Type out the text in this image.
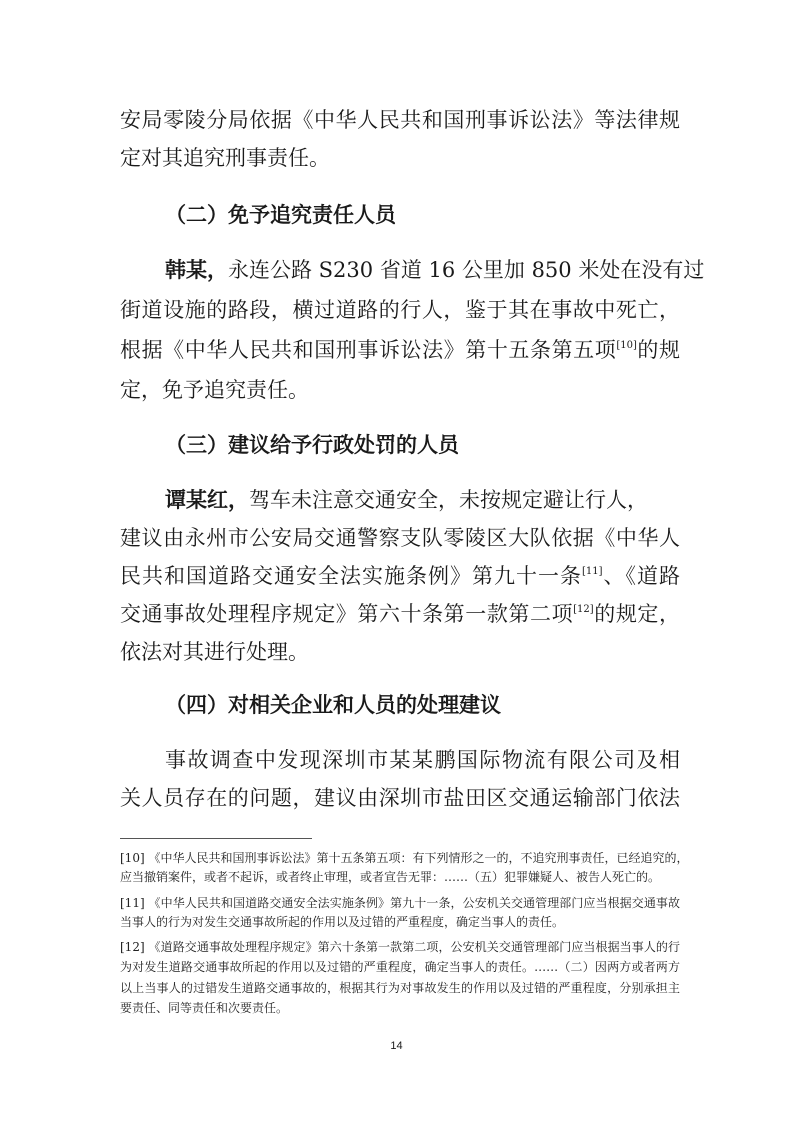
安局零陵分局依据《中华人民共和国刑事诉讼法》等法律规
定对其追究刑事责任。
（二）免予追究责任人员
韩某，永连公路 S230 省道 16 公里加 850 米处在没有过
街道设施的路段，横过道路的行人，鉴于其在事故中死亡，
根据《中华人民共和国刑事诉讼法》第十五条第五项[10]的规
定，免予追究责任。
（三）建议给予行政处罚的人员
谭某红，驾车未注意交通安全，未按规定避让行人，
建议由永州市公安局交通警察支队零陵区大队依据《中华人
民共和国道路交通安全法实施条例》第九十一条[11]、《道路
交通事故处理程序规定》第六十条第一款第二项[12]的规定，
依法对其进行处理。
（四）对相关企业和人员的处理建议
事故调查中发现深圳市某某鹏国际物流有限公司及相
关人员存在的问题，建议由深圳市盐田区交通运输部门依法
[10] 《中华人民共和国刑事诉讼法》第十五条第五项：有下列情形之一的，不追究刑事责任，已经追究的，
应当撤销案件，或者不起诉，或者终止审理，或者宣告无罪：……（五）犯罪嫌疑人、被告人死亡的。
[11] 《中华人民共和国道路交通安全法实施条例》第九十一条，公安机关交通管理部门应当根据交通事故
当事人的行为对发生交通事故所起的作用以及过错的严重程度，确定当事人的责任。
[12] 《道路交通事故处理程序规定》第六十条第一款第二项，公安机关交通管理部门应当根据当事人的行
为对发生道路交通事故所起的作用以及过错的严重程度，确定当事人的责任。……（二）因两方或者两方
以上当事人的过错发生道路交通事故的，根据其行为对事故发生的作用以及过错的严重程度，分别承担主
要责任、同等责任和次要责任。
14
